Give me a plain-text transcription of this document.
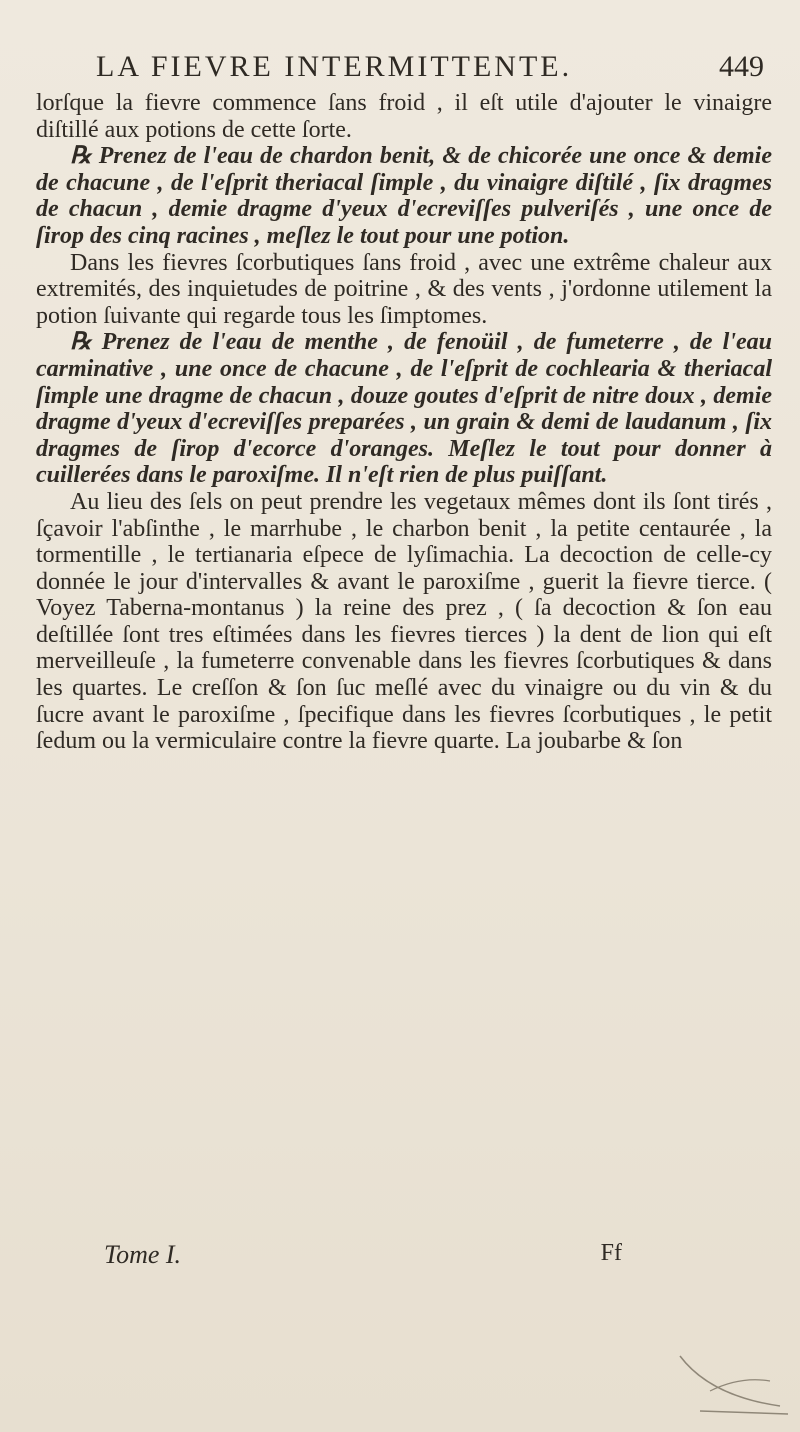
LA FIEVRE INTERMITTENTE.	449

lorſque la fievre commence ſans froid , il eſt utile d'ajouter le vinaigre diſtillé aux potions de cette ſorte.

℞ Prenez de l'eau de chardon benit, & de chicorée une once & demie de chacune , de l'eſprit theriacal ſimple , du vinaigre diſtilé , ſix dragmes de chacun , demie dragme d'yeux d'ecreviſſes pulveriſés , une once de ſirop des cinq racines , meſlez le tout pour une potion.

Dans les fievres ſcorbutiques ſans froid , avec une extrême chaleur aux extremités, des inquietudes de poitrine , & des vents , j'ordonne utilement la potion ſuivante qui regarde tous les ſimptomes.

℞ Prenez de l'eau de menthe , de fenoüil , de fumeterre , de l'eau carminative , une once de chacune , de l'eſprit de cochlearia & theriacal ſimple une dragme de chacun , douze goutes d'eſprit de nitre doux , demie dragme d'yeux d'ecreviſſes preparées , un grain & demi de laudanum , ſix dragmes de ſirop d'ecorce d'oranges. Meſlez le tout pour donner à cuillerées dans le paroxiſme. Il n'eſt rien de plus puiſſant.

Au lieu des ſels on peut prendre les vegetaux mêmes dont ils ſont tirés , ſçavoir l'abſinthe , le marrhube , le charbon benit , la petite centaurée , la tormentille , le tertianaria eſpece de lyſimachia. La decoction de celle-cy donnée le jour d'intervalles & avant le paroxiſme , guerit la fievre tierce. ( Voyez Taberna-montanus ) la reine des prez , ( ſa decoction & ſon eau deſtillée ſont tres eſtimées dans les fievres tierces ) la dent de lion qui eſt merveilleuſe , la fumeterre convenable dans les fievres ſcorbutiques & dans les quartes. Le creſſon & ſon ſuc meſlé avec du vinaigre ou du vin & du ſucre avant le paroxiſme , ſpecifique dans les fievres ſcorbutiques , le petit ſedum ou la vermiculaire contre la fievre quarte. La joubarbe & ſon

Tome I.	Ff
